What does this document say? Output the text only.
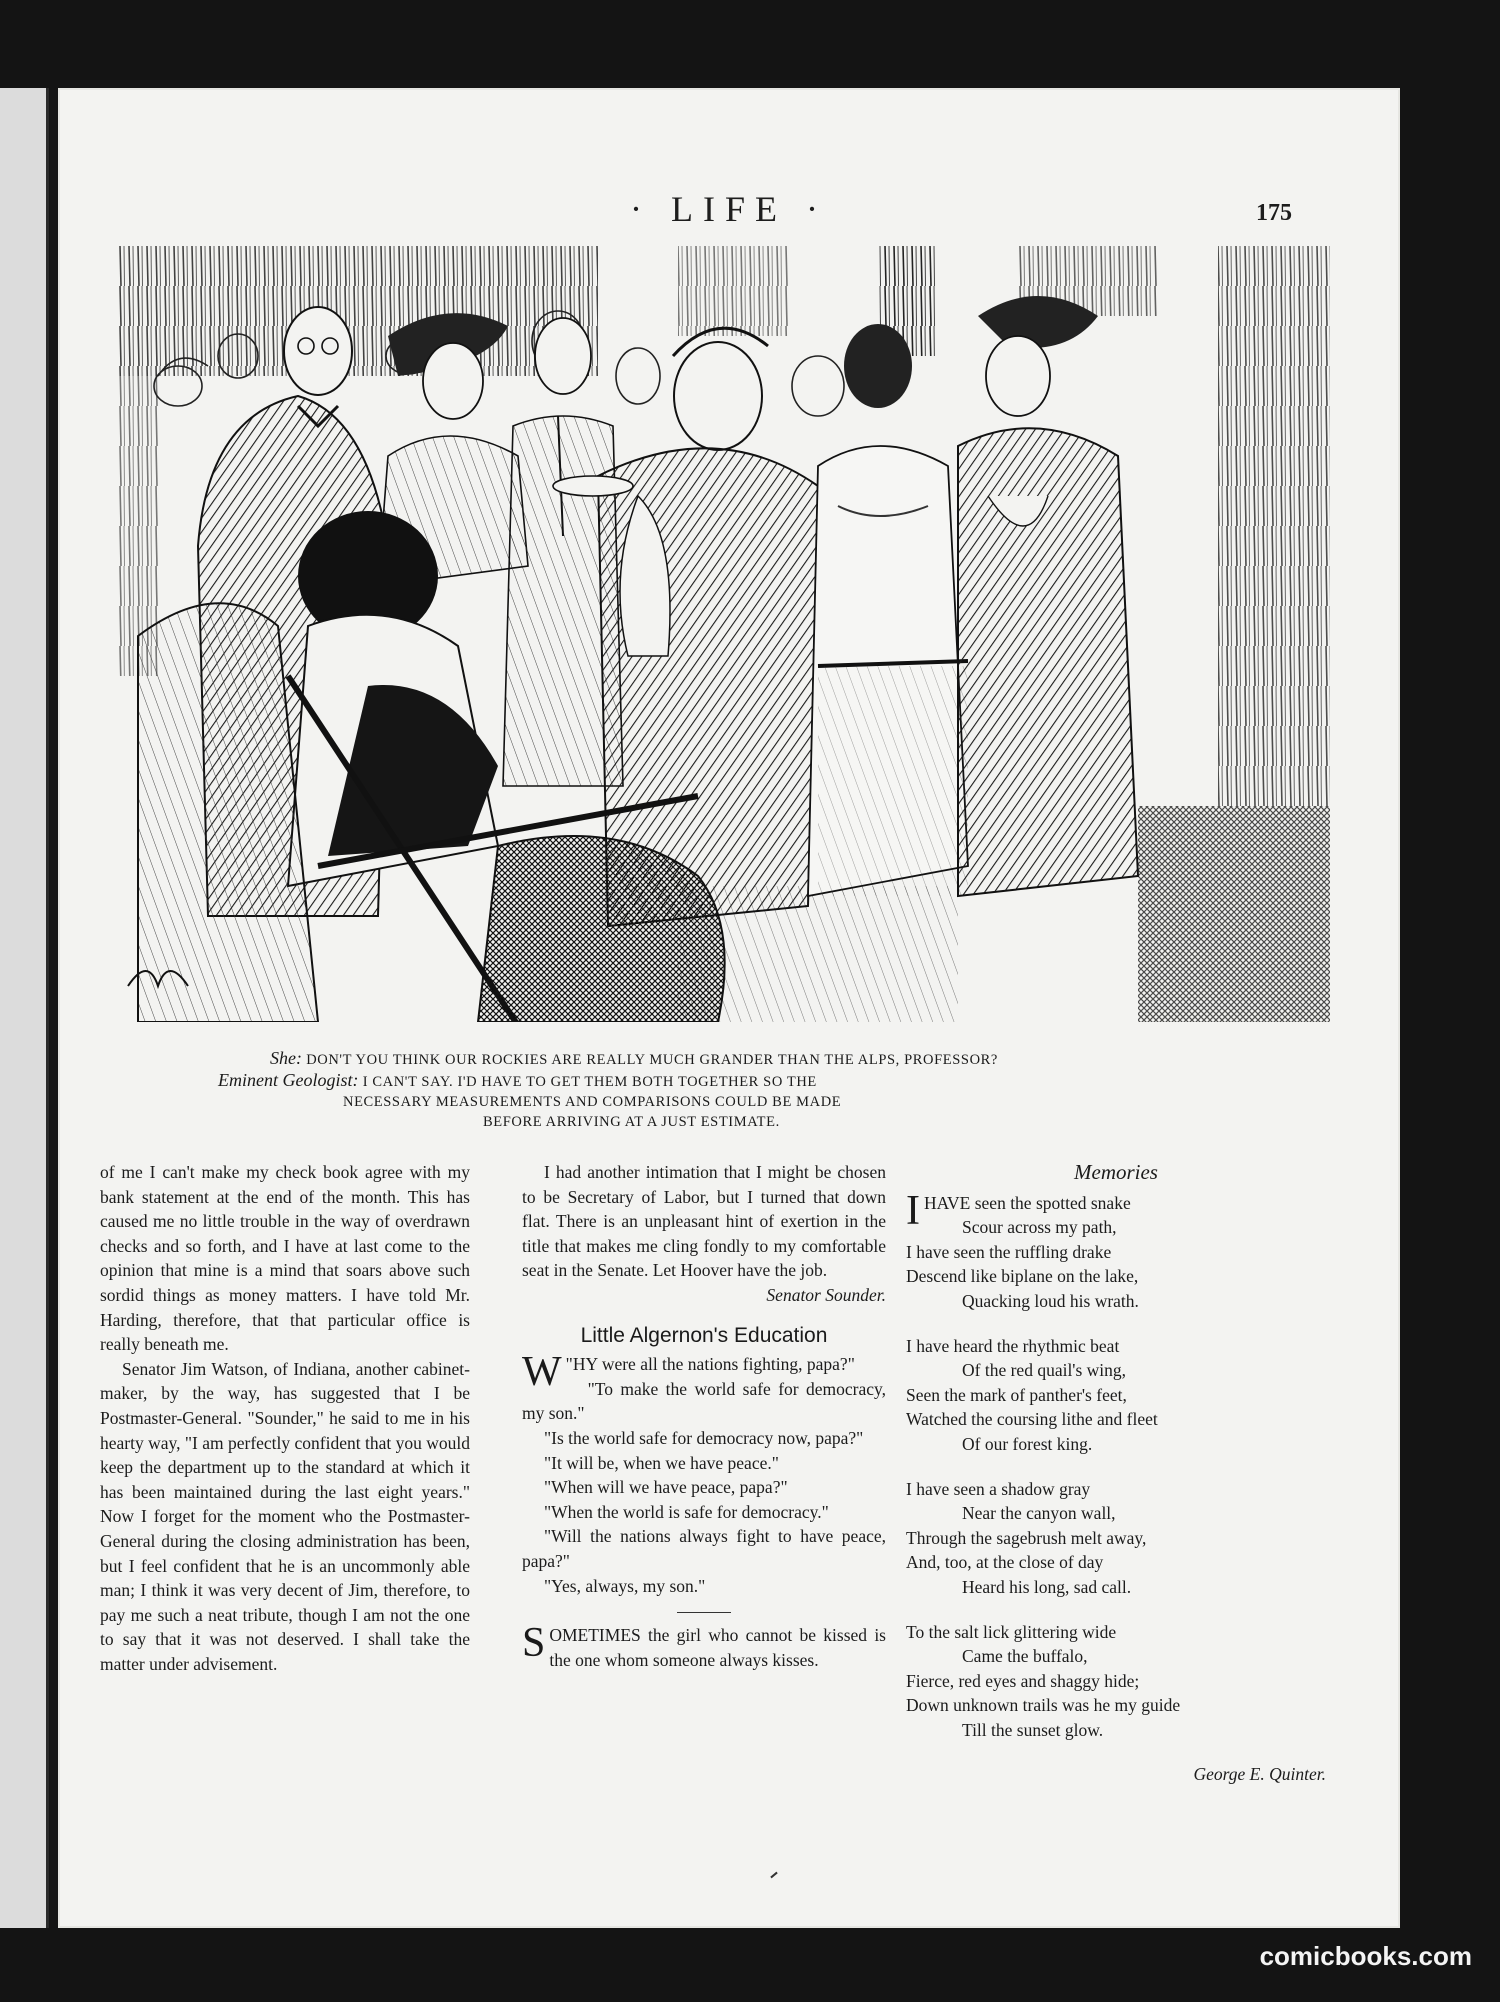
· LIFE ·	175
She: DON'T YOU THINK OUR ROCKIES ARE REALLY MUCH GRANDER THAN THE ALPS, PROFESSOR?
Eminent Geologist: I CAN'T SAY. I'D HAVE TO GET THEM BOTH TOGETHER SO THE
NECESSARY MEASUREMENTS AND COMPARISONS COULD BE MADE
BEFORE ARRIVING AT A JUST ESTIMATE.

of me I can't make my check book agree with my bank statement at the end of the month. This has caused me no little trouble in the way of overdrawn checks and so forth, and I have at last come to the opinion that mine is a mind that soars above such sordid things as money matters. I have told Mr. Harding, therefore, that that particular office is really beneath me.

Senator Jim Watson, of Indiana, another cabinet-maker, by the way, has suggested that I be Postmaster-General. "Sounder," he said to me in his hearty way, "I am perfectly confident that you would keep the department up to the standard at which it has been maintained during the last eight years." Now I forget for the moment who the Postmaster-General during the closing administration has been, but I feel confident that he is an uncommonly able man; I think it was very decent of Jim, therefore, to pay me such a neat tribute, though I am not the one to say that it was not deserved. I shall take the matter under advisement.

I had another intimation that I might be chosen to be Secretary of Labor, but I turned that down flat. There is an unpleasant hint of exertion in the title that makes me cling fondly to my comfortable seat in the Senate. Let Hoover have the job.

Senator Sounder.

Little Algernon's Education

"
W HY were all the nations fighting, papa?"

"To make the world safe for democracy, my son."

"Is the world safe for democracy now, papa?"

"It will be, when we have peace."

"When will we have peace, papa?"

"When the world is safe for democracy."

"Will the nations always fight to have peace, papa?"

"Yes, always, my son."

SOMETIMES the girl who cannot be kissed is the one whom someone always kisses.

Memories
I HAVE seen the spotted snake
Scour across my path,
I have seen the ruffling drake
Descend like biplane on the lake,
Quacking loud his wrath.
I have heard the rhythmic beat
Of the red quail's wing,
Seen the mark of panther's feet,
Watched the coursing lithe and fleet
Of our forest king.
I have seen a shadow gray
Near the canyon wall,
Through the sagebrush melt away,
And, too, at the close of day
Heard his long, sad call.
To the salt lick glittering wide
Came the buffalo,
Fierce, red eyes and shaggy hide;
Down unknown trails was he my guide
Till the sunset glow.

George E. Quinter.

comicbooks.com
